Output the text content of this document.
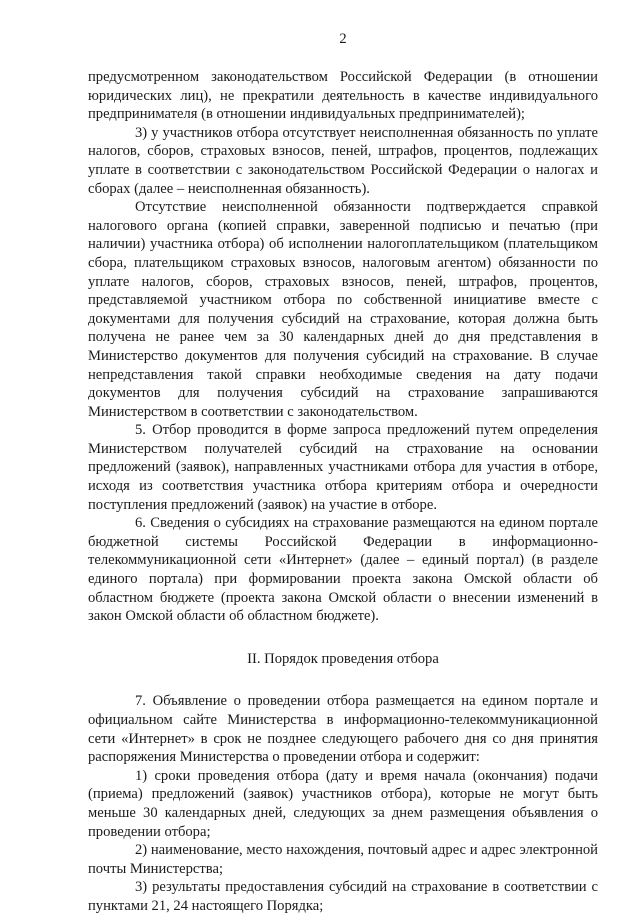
2

предусмотренном законодательством Российской Федерации (в отношении юридических лиц), не прекратили деятельность в качестве индивидуального предпринимателя (в отношении индивидуальных предпринимателей);

3) у участников отбора отсутствует неисполненная обязанность по уплате налогов, сборов, страховых взносов, пеней, штрафов, процентов, подлежащих уплате в соответствии с законодательством Российской Федерации о налогах и сборах (далее – неисполненная обязанность).

Отсутствие неисполненной обязанности подтверждается справкой налогового органа (копией справки, заверенной подписью и печатью (при наличии) участника отбора) об исполнении налогоплательщиком (плательщиком сбора, плательщиком страховых взносов, налоговым агентом) обязанности по уплате налогов, сборов, страховых взносов, пеней, штрафов, процентов, представляемой участником отбора по собственной инициативе вместе с документами для получения субсидий на страхование, которая должна быть получена не ранее чем за 30 календарных дней до дня представления в Министерство документов для получения субсидий на страхование. В случае непредставления такой справки необходимые сведения на дату подачи документов для получения субсидий на страхование запрашиваются Министерством в соответствии с законодательством.

5. Отбор проводится в форме запроса предложений путем определения Министерством получателей субсидий на страхование на основании предложений (заявок), направленных участниками отбора для участия в отборе, исходя из соответствия участника отбора критериям отбора и очередности поступления предложений (заявок) на участие в отборе.

6. Сведения о субсидиях на страхование размещаются на едином портале бюджетной системы Российской Федерации в информационно-телекоммуникационной сети «Интернет» (далее – единый портал) (в разделе единого портала) при формировании проекта закона Омской области об областном бюджете (проекта закона Омской области о внесении изменений в закон Омской области об областном бюджете).

II. Порядок проведения отбора

7. Объявление о проведении отбора размещается на едином портале и официальном сайте Министерства в информационно-телекоммуникационной сети «Интернет» в срок не позднее следующего рабочего дня со дня принятия распоряжения Министерства о проведении отбора и содержит:

1) сроки проведения отбора (дату и время начала (окончания) подачи (приема) предложений (заявок) участников отбора), которые не могут быть меньше 30 календарных дней, следующих за днем размещения объявления о проведении отбора;

2) наименование, место нахождения, почтовый адрес и адрес электронной почты Министерства;

3) результаты предоставления субсидий на страхование в соответствии с пунктами 21, 24 настоящего Порядка;
